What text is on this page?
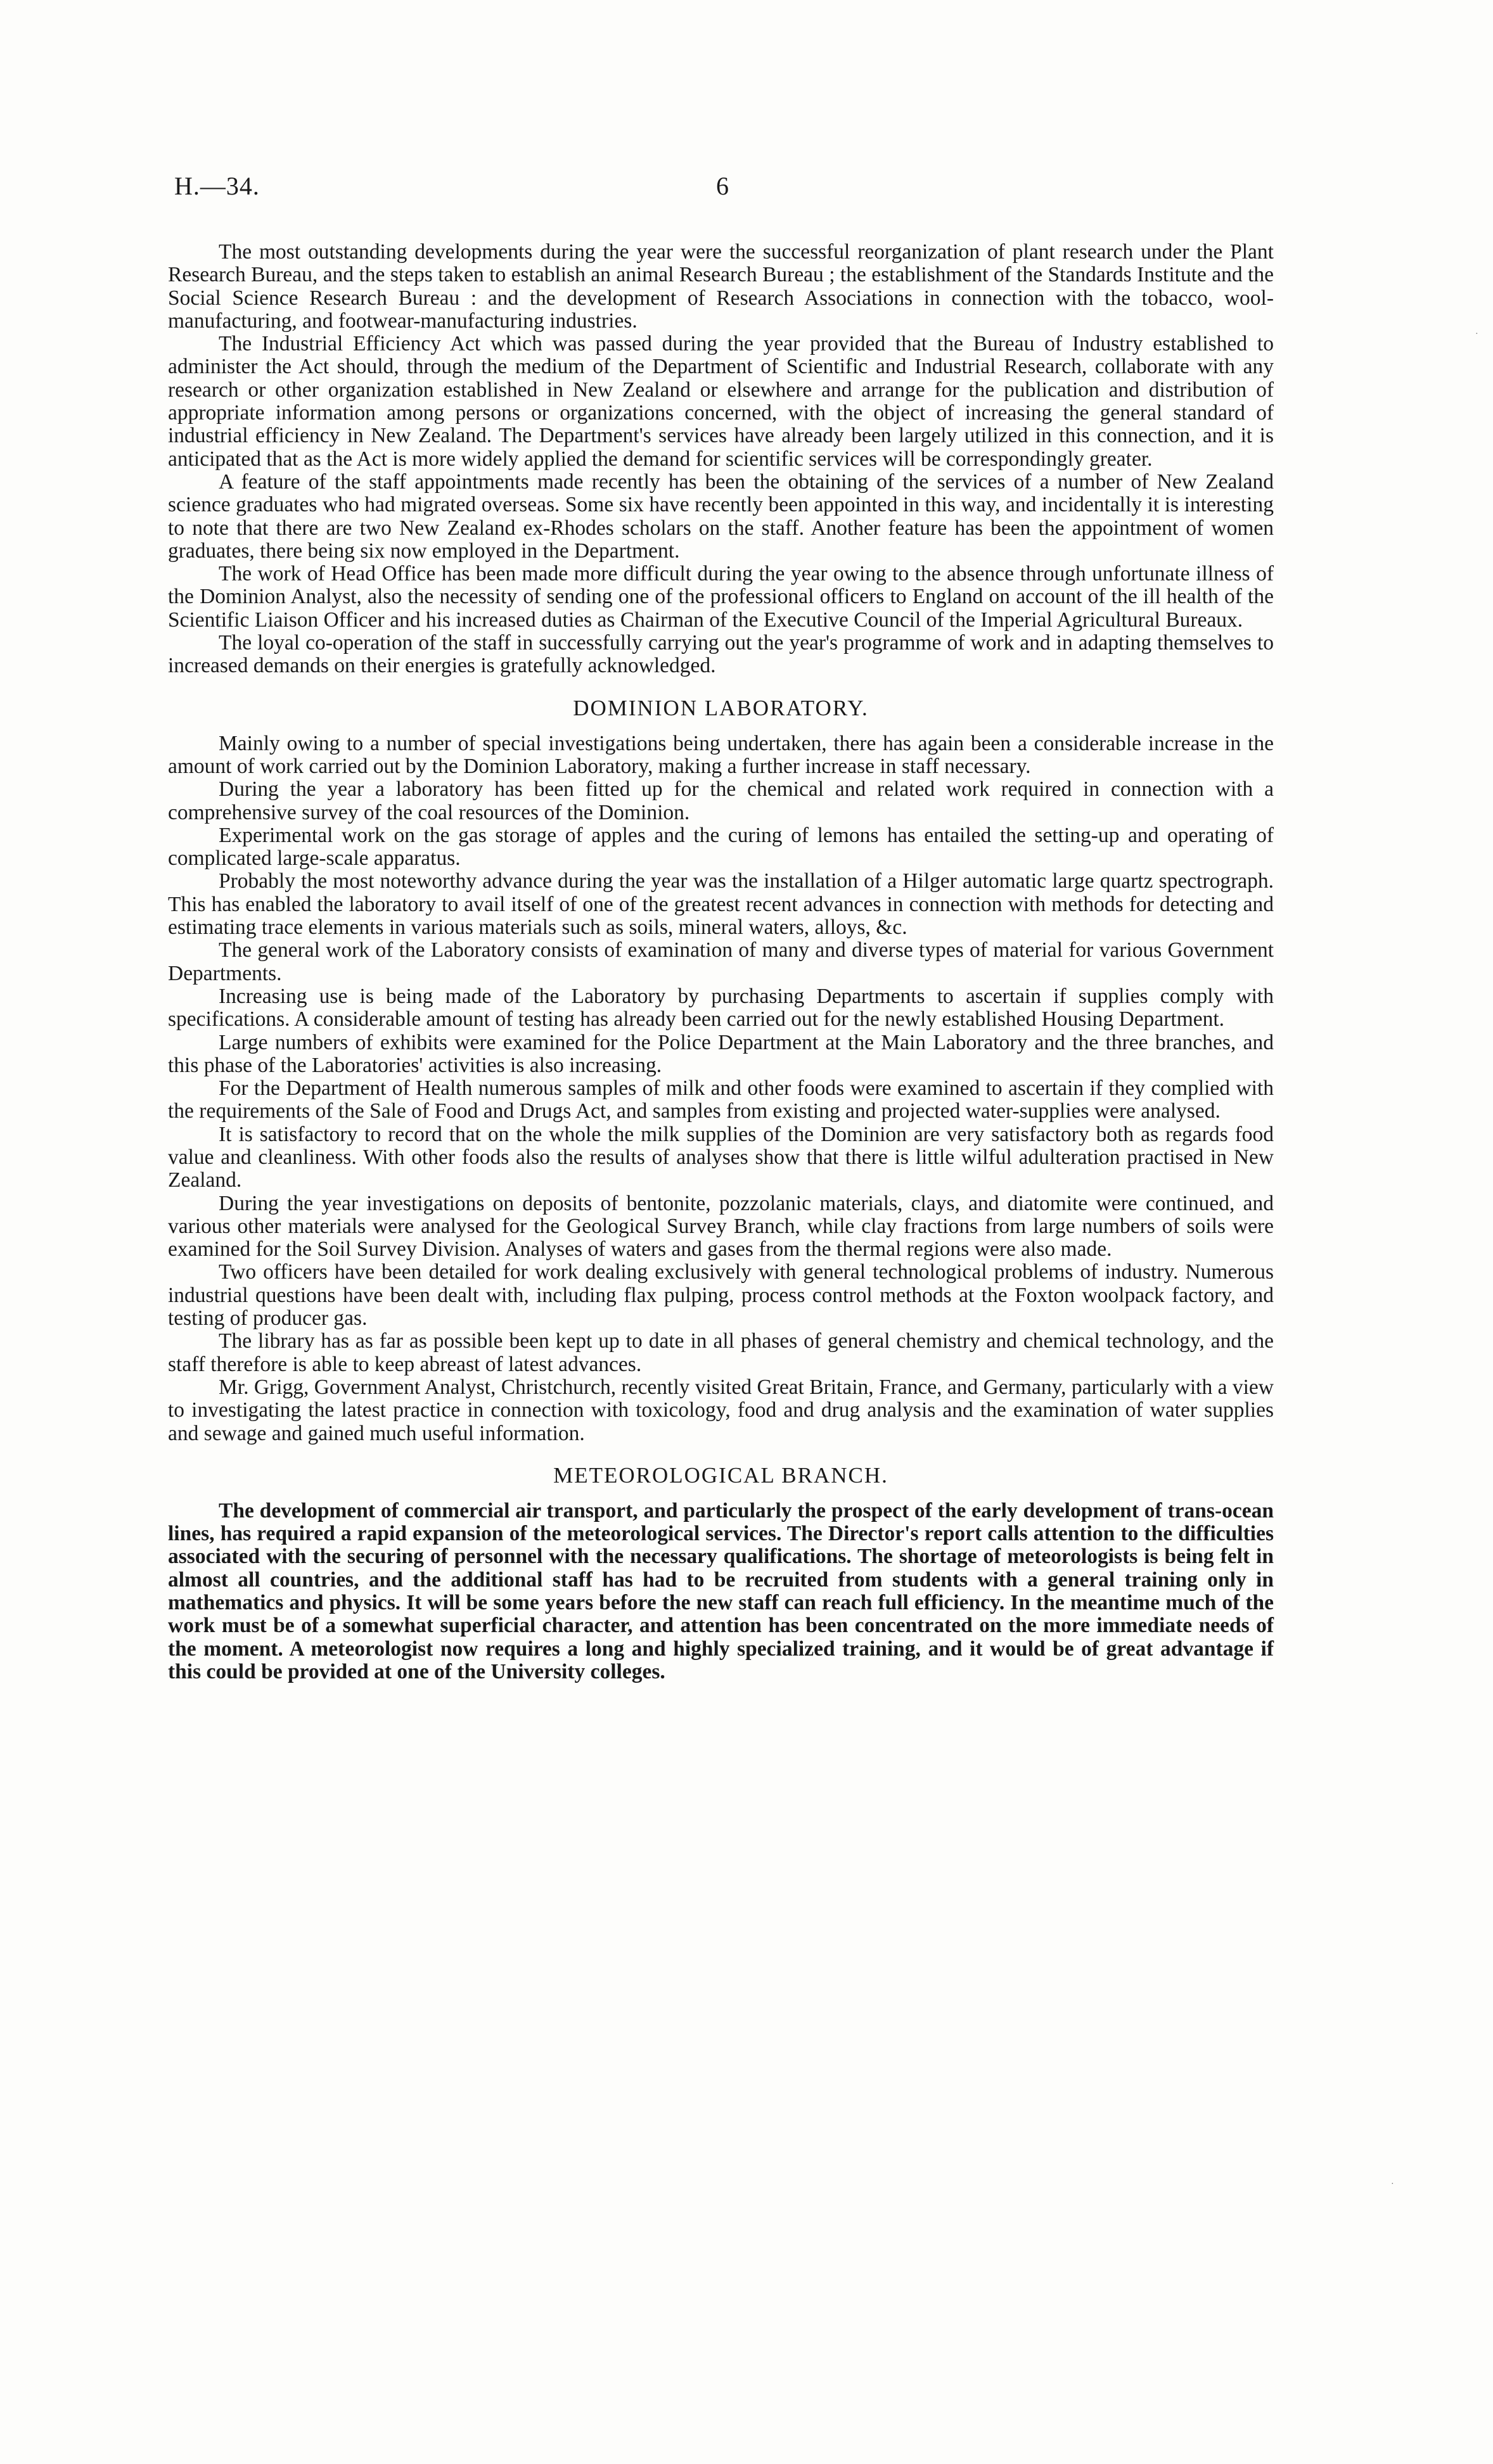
H.—34.	6

The most outstanding developments during the year were the successful reorganization of plant research under the Plant Research Bureau, and the steps taken to establish an animal Research Bureau ; the establishment of the Standards Institute and the Social Science Research Bureau : and the development of Research Associations in connection with the tobacco, wool-manufacturing, and footwear-manufacturing industries.

The Industrial Efficiency Act which was passed during the year provided that the Bureau of Industry established to administer the Act should, through the medium of the Department of Scientific and Industrial Research, collaborate with any research or other organization established in New Zealand or elsewhere and arrange for the publication and distribution of appropriate information among persons or organizations concerned, with the object of increasing the general standard of industrial efficiency in New Zealand. The Department's services have already been largely utilized in this connection, and it is anticipated that as the Act is more widely applied the demand for scientific services will be correspondingly greater.

A feature of the staff appointments made recently has been the obtaining of the services of a number of New Zealand science graduates who had migrated overseas. Some six have recently been appointed in this way, and incidentally it is interesting to note that there are two New Zealand ex-Rhodes scholars on the staff. Another feature has been the appointment of women graduates, there being six now employed in the Department.

The work of Head Office has been made more difficult during the year owing to the absence through unfortunate illness of the Dominion Analyst, also the necessity of sending one of the professional officers to England on account of the ill health of the Scientific Liaison Officer and his increased duties as Chairman of the Executive Council of the Imperial Agricultural Bureaux.

The loyal co-operation of the staff in successfully carrying out the year's programme of work and in adapting themselves to increased demands on their energies is gratefully acknowledged.

DOMINION LABORATORY.

Mainly owing to a number of special investigations being undertaken, there has again been a considerable increase in the amount of work carried out by the Dominion Laboratory, making a further increase in staff necessary.

During the year a laboratory has been fitted up for the chemical and related work required in connection with a comprehensive survey of the coal resources of the Dominion.

Experimental work on the gas storage of apples and the curing of lemons has entailed the setting-up and operating of complicated large-scale apparatus.

Probably the most noteworthy advance during the year was the installation of a Hilger automatic large quartz spectrograph. This has enabled the laboratory to avail itself of one of the greatest recent advances in connection with methods for detecting and estimating trace elements in various materials such as soils, mineral waters, alloys, &c.

The general work of the Laboratory consists of examination of many and diverse types of material for various Government Departments.

Increasing use is being made of the Laboratory by purchasing Departments to ascertain if supplies comply with specifications. A considerable amount of testing has already been carried out for the newly established Housing Department.

Large numbers of exhibits were examined for the Police Department at the Main Laboratory and the three branches, and this phase of the Laboratories' activities is also increasing.

For the Department of Health numerous samples of milk and other foods were examined to ascertain if they complied with the requirements of the Sale of Food and Drugs Act, and samples from existing and projected water-supplies were analysed.

It is satisfactory to record that on the whole the milk supplies of the Dominion are very satisfactory both as regards food value and cleanliness. With other foods also the results of analyses show that there is little wilful adulteration practised in New Zealand.

During the year investigations on deposits of bentonite, pozzolanic materials, clays, and diatomite were continued, and various other materials were analysed for the Geological Survey Branch, while clay fractions from large numbers of soils were examined for the Soil Survey Division. Analyses of waters and gases from the thermal regions were also made.

Two officers have been detailed for work dealing exclusively with general technological problems of industry. Numerous industrial questions have been dealt with, including flax pulping, process control methods at the Foxton woolpack factory, and testing of producer gas.

The library has as far as possible been kept up to date in all phases of general chemistry and chemical technology, and the staff therefore is able to keep abreast of latest advances.

Mr. Grigg, Government Analyst, Christchurch, recently visited Great Britain, France, and Germany, particularly with a view to investigating the latest practice in connection with toxicology, food and drug analysis and the examination of water supplies and sewage and gained much useful information.

METEOROLOGICAL BRANCH.

The development of commercial air transport, and particularly the prospect of the early development of trans-ocean lines, has required a rapid expansion of the meteorological services. The Director's report calls attention to the difficulties associated with the securing of personnel with the necessary qualifications. The shortage of meteorologists is being felt in almost all countries, and the additional staff has had to be recruited from students with a general training only in mathematics and physics. It will be some years before the new staff can reach full efficiency. In the meantime much of the work must be of a somewhat superficial character, and attention has been concentrated on the more immediate needs of the moment. A meteorologist now requires a long and highly specialized training, and it would be of great advantage if this could be provided at one of the University colleges.

·
·
